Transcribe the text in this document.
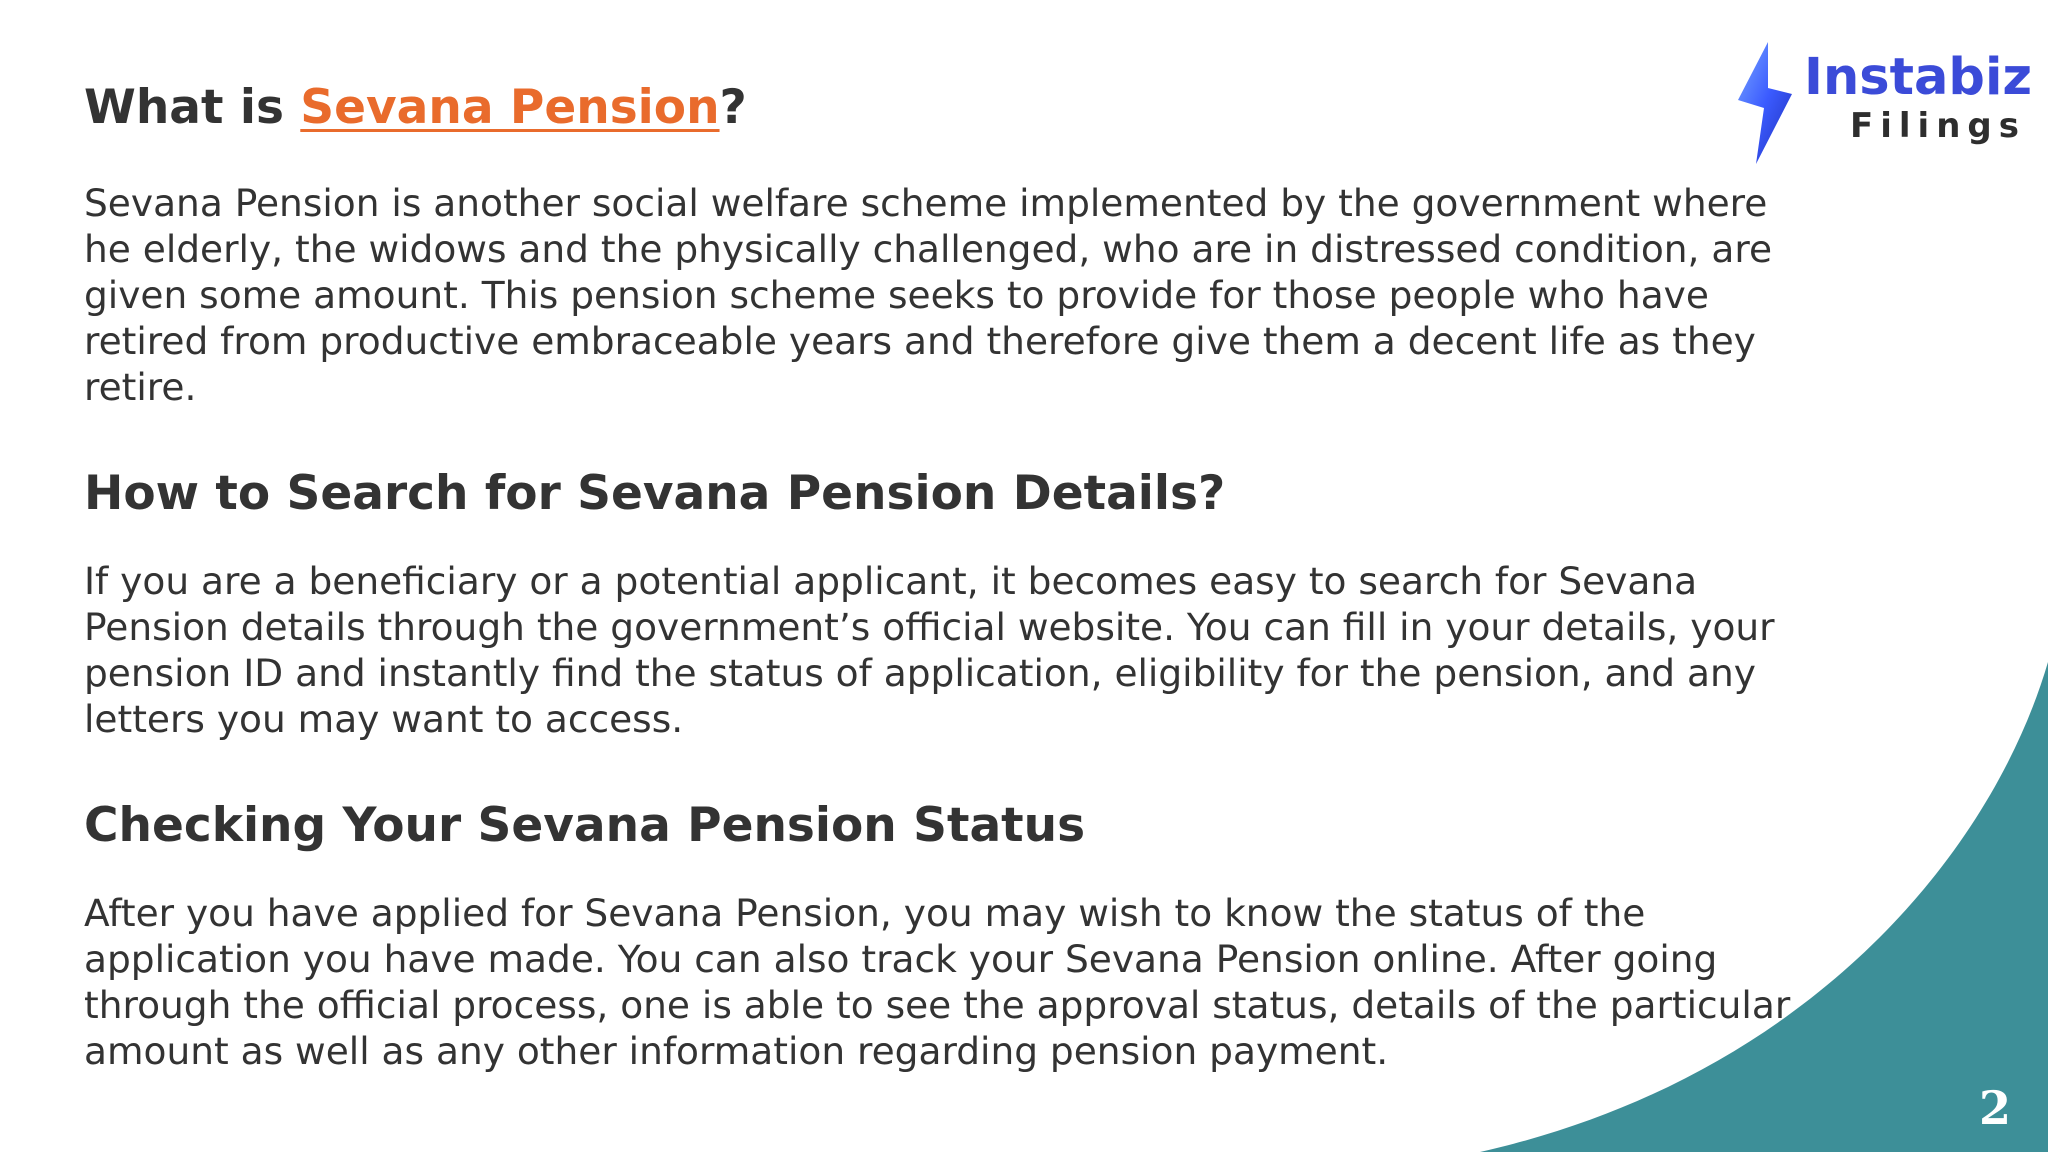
What is Sevana Pension?

Sevana Pension is another social welfare scheme implemented by the government where he elderly, the widows and the physically challenged, who are in distressed condition, are given some amount. This pension scheme seeks to provide for those people who have retired from productive embraceable years and therefore give them a decent life as they retire.

How to Search for Sevana Pension Details?

If you are a beneficiary or a potential applicant, it becomes easy to search for Sevana Pension details through the government’s official website. You can fill in your details, your pension ID and instantly find the status of application, eligibility for the pension, and any letters you may want to access.

Checking Your Sevana Pension Status

After you have applied for Sevana Pension, you may wish to know the status of the application you have made. You can also track your Sevana Pension online. After going through the official process, one is able to see the approval status, details of the particular amount as well as any other information regarding pension payment.

Instabiz
Filings
2
